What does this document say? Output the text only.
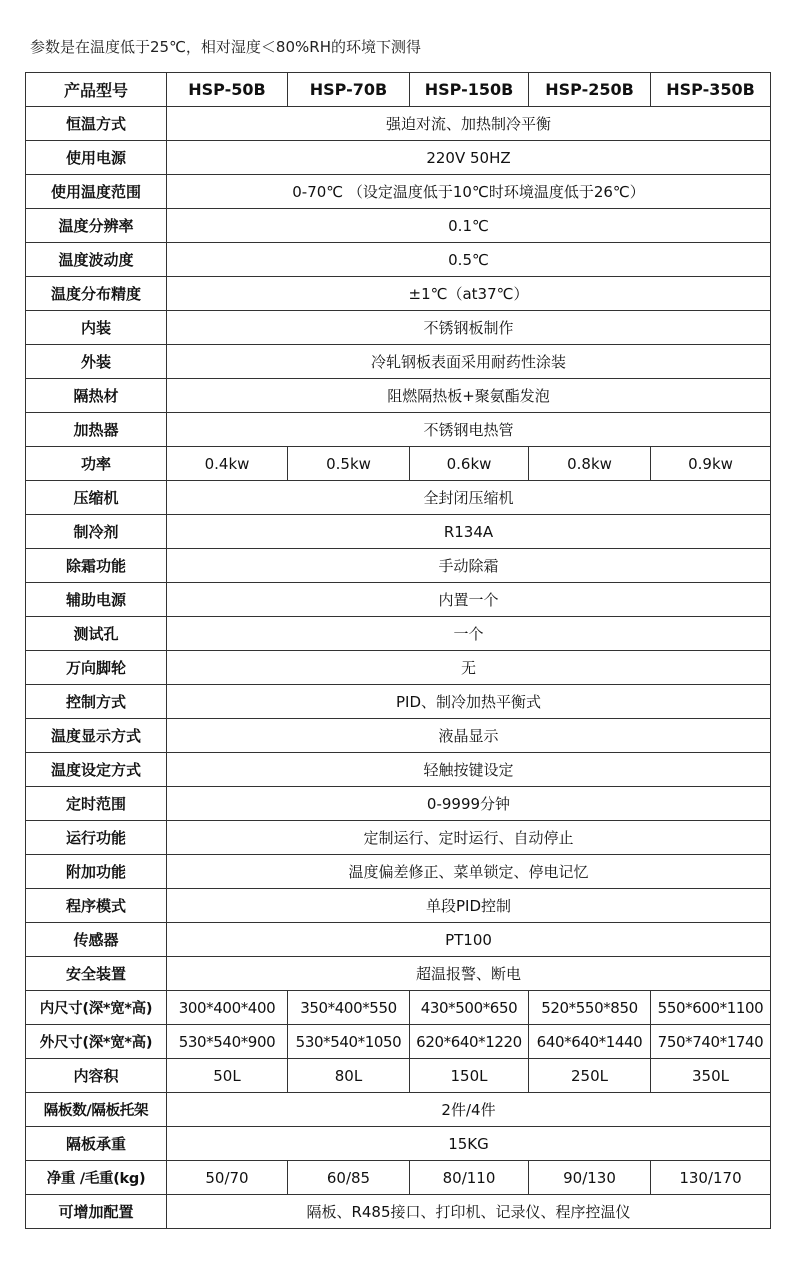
参数是在温度低于25℃，相对湿度＜80%RH的环境下测得
产品型号	HSP-50B	HSP-70B	HSP-150B	HSP-250B	HSP-350B
恒温方式	强迫对流、加热制冷平衡				
使用电源	220V 50HZ				
使用温度范围	0-70℃ （设定温度低于10℃时环境温度低于26℃）				
温度分辨率	0.1℃				
温度波动度	0.5℃				
温度分布精度	±1℃（at37℃）				
内装	不锈钢板制作				
外装	冷轧钢板表面采用耐药性涂装				
隔热材	阻燃隔热板+聚氨酯发泡				
加热器	不锈钢电热管				
功率	0.4kw	0.5kw	0.6kw	0.8kw	0.9kw
压缩机	全封闭压缩机				
制冷剂	R134A				
除霜功能	手动除霜				
辅助电源	内置一个				
测试孔	一个				
万向脚轮	无				
控制方式	PID、制冷加热平衡式				
温度显示方式	液晶显示				
温度设定方式	轻触按键设定				
定时范围	0-9999分钟				
运行功能	定制运行、定时运行、自动停止				
附加功能	温度偏差修正、菜单锁定、停电记忆				
程序模式	单段PID控制				
传感器	PT100				
安全装置	超温报警、断电				
内尺寸(深*宽*高)	300*400*400	350*400*550	430*500*650	520*550*850	550*600*1100
外尺寸(深*宽*高)	530*540*900	530*540*1050	620*640*1220	640*640*1440	750*740*1740
内容积	50L	80L	150L	250L	350L
隔板数/隔板托架	2件/4件				
隔板承重	15KG				
净重 /毛重(kg)	50/70	60/85	80/110	90/130	130/170
可增加配置	隔板、R485接口、打印机、记录仪、程序控温仪				
